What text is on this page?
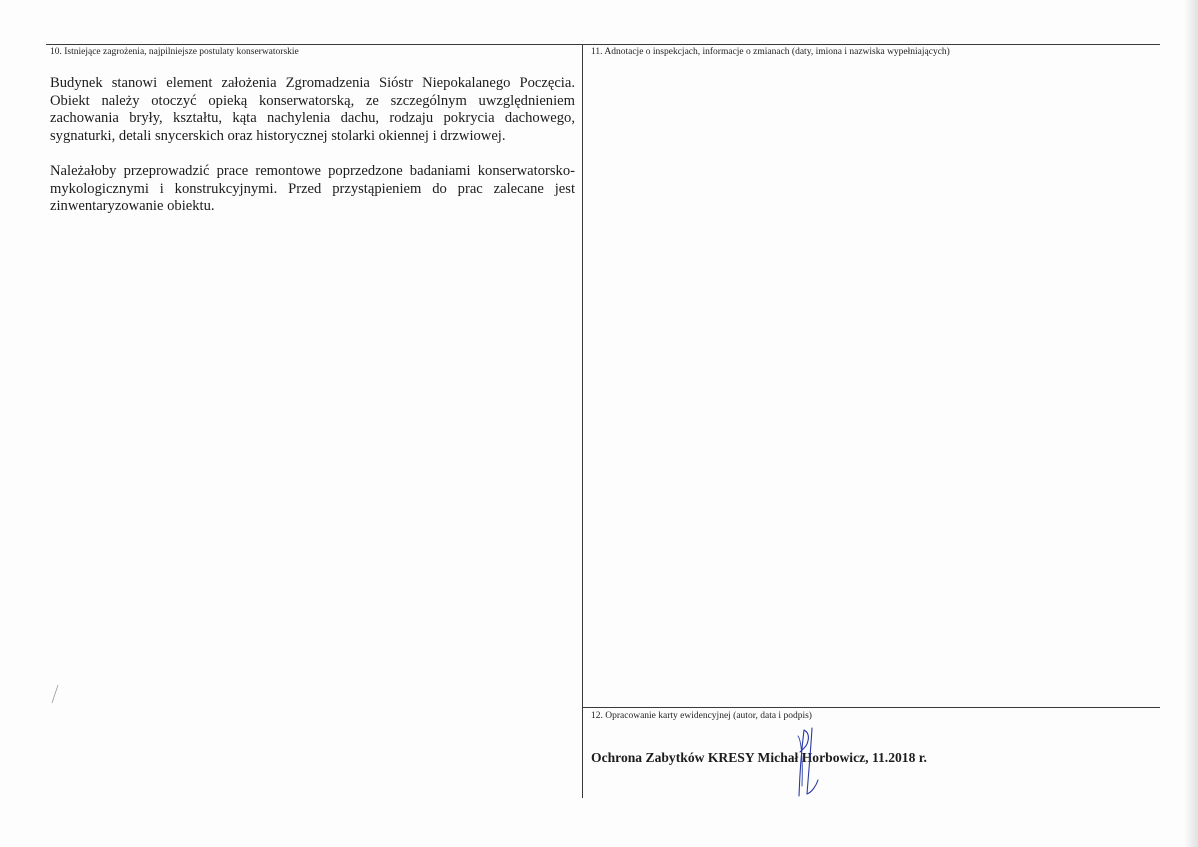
10. Istniejące zagrożenia, najpilniejsze postulaty konserwatorskie

Budynek stanowi element założenia Zgromadzenia Sióstr Niepokalanego Poczęcia. Obiekt należy otoczyć opieką konserwatorską, ze szczególnym uwzględnieniem zachowania bryły, kształtu, kąta nachylenia dachu, rodzaju pokrycia dachowego, sygnaturki, detali snycerskich oraz historycznej stolarki okiennej i drzwiowej.

Należałoby przeprowadzić prace remontowe poprzedzone badaniami konserwatorsko- mykologicznymi i konstrukcyjnymi. Przed przystąpieniem do prac zalecane jest zinwentaryzowanie obiektu.

11. Adnotacje o inspekcjach, informacje o zmianach (daty, imiona i nazwiska wypełniających)
12. Opracowanie karty ewidencyjnej (autor, data i podpis)
Ochrona Zabytków KRESY Michał Horbowicz, 11.2018 r.
